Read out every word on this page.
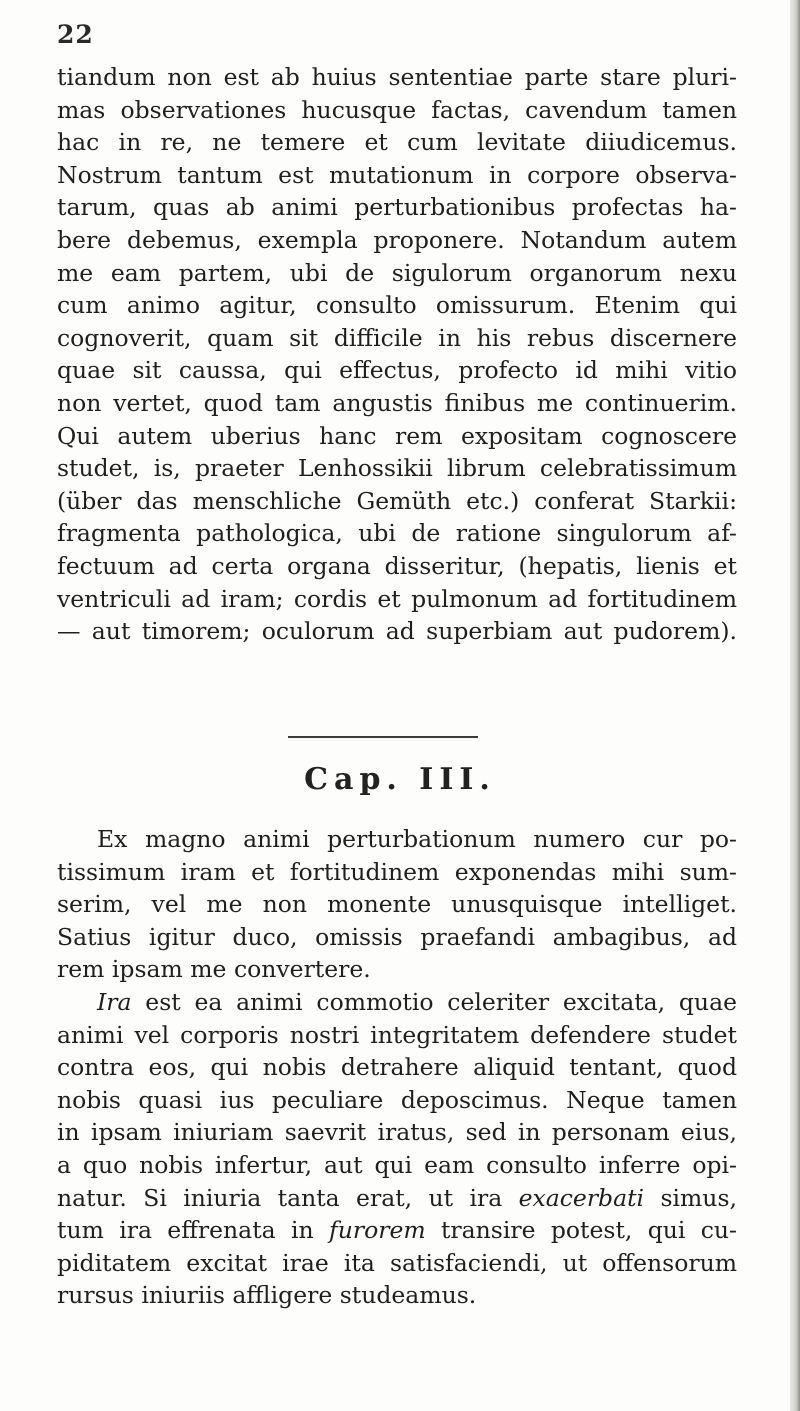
22
tiandum non est ab huius sententiae parte stare pluri-
mas observationes hucusque factas, cavendum tamen
hac in re, ne temere et cum levitate diiudicemus.
Nostrum tantum est mutationum in corpore observa-
tarum, quas ab animi perturbationibus profectas ha-
bere debemus, exempla proponere. Notandum autem
me eam partem, ubi de sigulorum organorum nexu
cum animo agitur, consulto omissurum. Etenim qui
cognoverit, quam sit difficile in his rebus discernere
quae sit caussa, qui effectus, profecto id mihi vitio
non vertet, quod tam angustis finibus me continuerim.
Qui autem uberius hanc rem expositam cognoscere
studet, is, praeter Lenhossikii librum celebratissimum
(über das menschliche Gemüth etc.) conferat Starkii:
fragmenta pathologica, ubi de ratione singulorum af-
fectuum ad certa organa disseritur, (hepatis, lienis et
ventriculi ad iram; cordis et pulmonum ad fortitudinem
— aut timorem; oculorum ad superbiam aut pudorem).
Cap. III.
Ex magno animi perturbationum numero cur po-
tissimum iram et fortitudinem exponendas mihi sum-
serim, vel me non monente unusquisque intelliget.
Satius igitur duco, omissis praefandi ambagibus, ad
rem ipsam me convertere.
Ira est ea animi commotio celeriter excitata, quae
animi vel corporis nostri integritatem defendere studet
contra eos, qui nobis detrahere aliquid tentant, quod
nobis quasi ius peculiare deposcimus. Neque tamen
in ipsam iniuriam saevrit iratus, sed in personam eius,
a quo nobis infertur, aut qui eam consulto inferre opi-
natur. Si iniuria tanta erat, ut ira exacerbati simus,
tum ira effrenata in furorem transire potest, qui cu-
piditatem excitat irae ita satisfaciendi, ut offensorum
rursus iniuriis affligere studeamus.
